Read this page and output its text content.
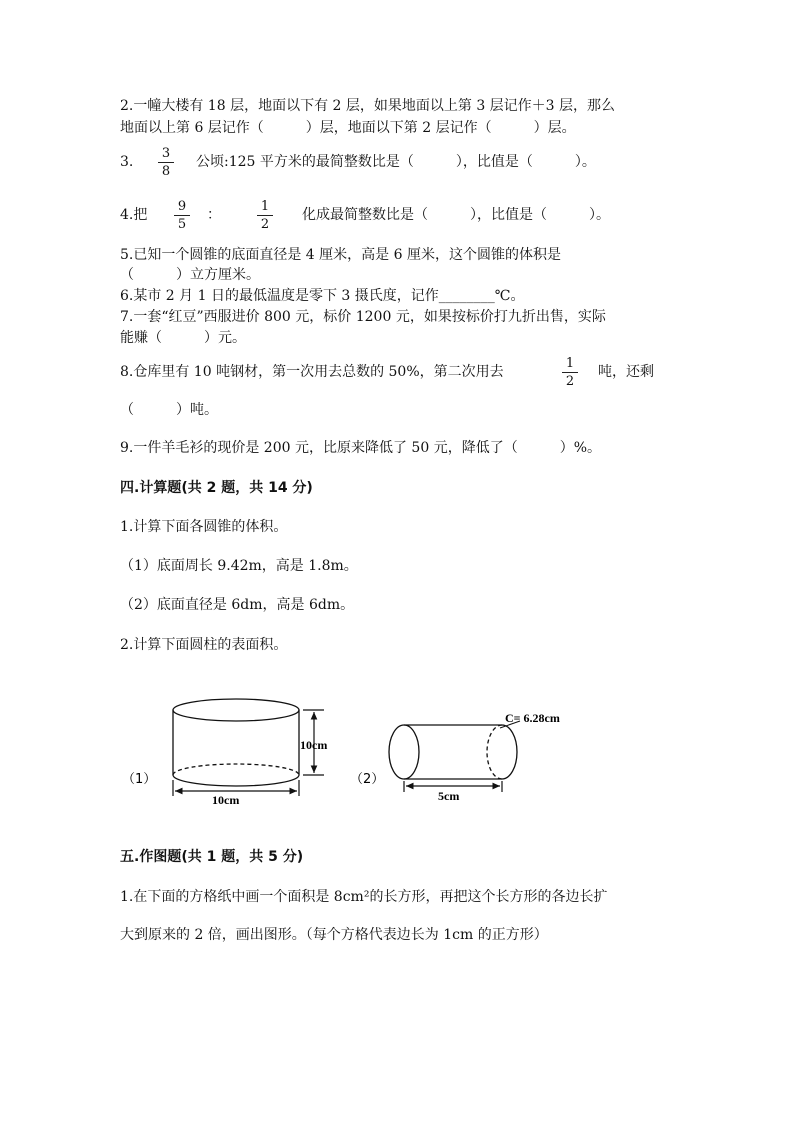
2.一幢大楼有 18 层，地面以下有 2 层，如果地面以上第 3 层记作＋3 层，那么
地面以上第 6 层记作（　　　）层，地面以下第 2 层记作（　　　）层。
3.
3
8
公顷:125 平方米的最简整数比是（　　　），比值是（　　　）。
4.把
9
5
：
1
2
化成最简整数比是（　　　），比值是（　　　）。
5.已知一个圆锥的底面直径是 4 厘米，高是 6 厘米，这个圆锥的体积是
（　　　）立方厘米。
6.某市 2 月 1 日的最低温度是零下 3 摄氏度，记作________℃。
7.一套“红豆”西服进价 800 元，标价 1200 元，如果按标价打九折出售，实际
能赚（　　　）元。
8.仓库里有 10 吨钢材，第一次用去总数的 50%，第二次用去
1
2
吨，还剩
（　　　）吨。
9.一件羊毛衫的现价是 200 元，比原来降低了 50 元，降低了（　　　）%。
四.计算题(共 2 题，共 14 分)
1.计算下面各圆锥的体积。
（1）底面周长 9.42m，高是 1.8m。
（2）底面直径是 6dm，高是 6dm。
2.计算下面圆柱的表面积。
（1）
10cm
10cm
（2）
C= 6.28cm
5cm
五.作图题(共 1 题，共 5 分)
1.在下面的方格纸中画一个面积是 8cm²的长方形，再把这个长方形的各边长扩
大到原来的 2 倍，画出图形。（每个方格代表边长为 1cm 的正方形）
